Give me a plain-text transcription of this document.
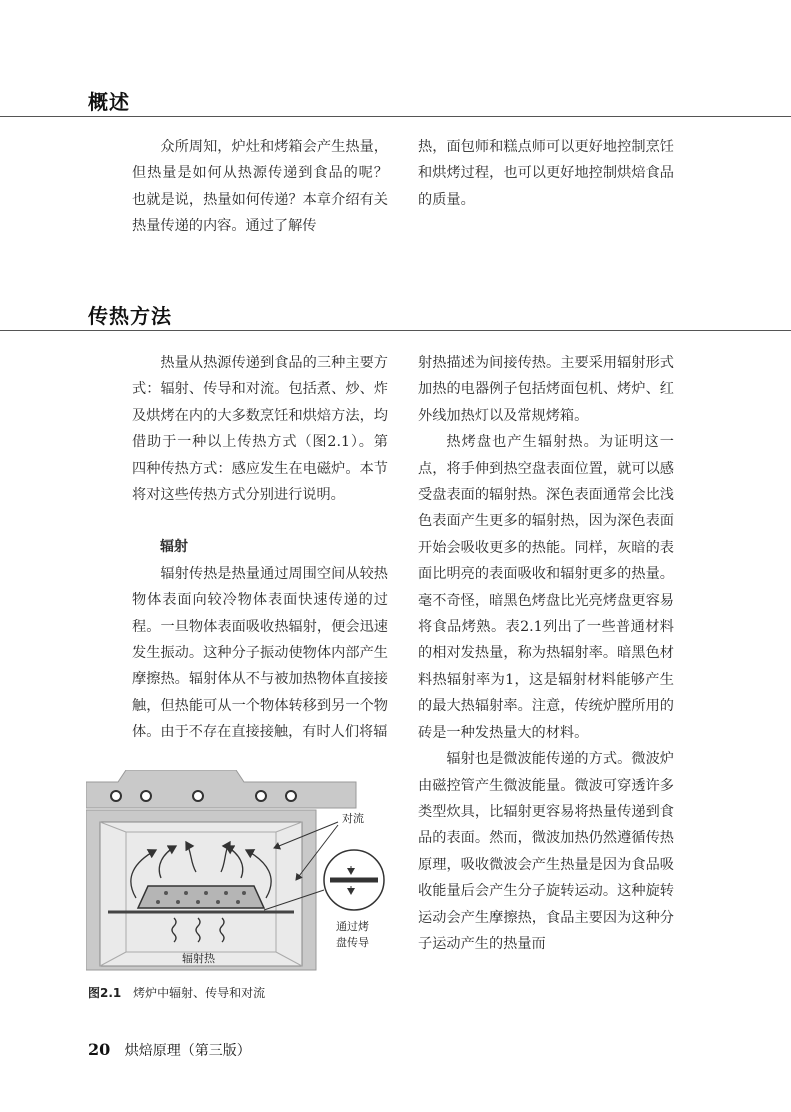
概述

众所周知，炉灶和烤箱会产生热量，但热量是如何从热源传递到食品的呢？ 也就是说，热量如何传递？本章介绍有关热量传递的内容。通过了解传

热，面包师和糕点师可以更好地控制烹饪和烘烤过程，也可以更好地控制烘焙食品的质量。

传热方法

热量从热源传递到食品的三种主要方式：辐射、传导和对流。包括煮、炒、炸及烘烤在内的大多数烹饪和烘焙方法，均借助于一种以上传热方式（图2.1）。第四种传热方式：感应发生在电磁炉。本节将对这些传热方式分别进行说明。

辐射

辐射传热是热量通过周围空间从较热物体表面向较冷物体表面快速传递的过程。一旦物体表面吸收热辐射，便会迅速发生振动。这种分子振动使物体内部产生摩擦热。辐射体从不与被加热物体直接接触，但热能可从一个物体转移到另一个物体。由于不存在直接接触，有时人们将辐

射热描述为间接传热。主要采用辐射形式加热的电器例子包括烤面包机、烤炉、红外线加热灯以及常规烤箱。

热烤盘也产生辐射热。为证明这一点，将手伸到热空盘表面位置，就可以感受盘表面的辐射热。深色表面通常会比浅色表面产生更多的辐射热，因为深色表面开始会吸收更多的热能。同样，灰暗的表面比明亮的表面吸收和辐射更多的热量。毫不奇怪，暗黑色烤盘比光亮烤盘更容易将食品烤熟。表2.1列出了一些普通材料的相对发热量，称为热辐射率。暗黑色材料热辐射率为1，这是辐射材料能够产生的最大热辐射率。注意，传统炉膛所用的砖是一种发热量大的材料。

辐射也是微波能传递的方式。微波炉由磁控管产生微波能量。微波可穿透许多类型炊具，比辐射更容易将热量传递到食品的表面。然而，微波加热仍然遵循传热原理，吸收微波会产生热量是因为食品吸收能量后会产生分子旋转运动。这种旋转运动会产生摩擦热，食品主要因为这种分子运动产生的热量而

对流
通过烤
盘传导
辐射热
图2.1 烤炉中辐射、传导和对流
20 烘焙原理（第三版）
